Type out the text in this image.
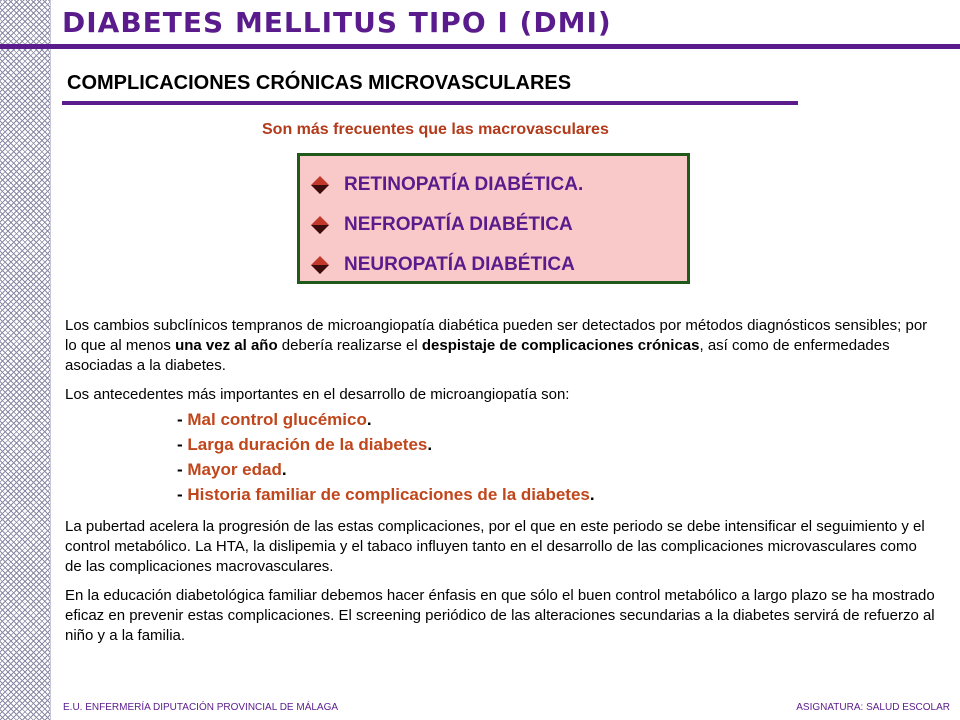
DIABETES MELLITUS TIPO I (DMI)
COMPLICACIONES CRÓNICAS MICROVASCULARES
Son más frecuentes que las macrovasculares
RETINOPATÍA DIABÉTICA.
NEFROPATÍA DIABÉTICA
NEUROPATÍA DIABÉTICA

Los cambios subclínicos tempranos de microangiopatía diabética pueden ser detectados por métodos diagnósticos sensibles; por lo que al menos una vez al año debería realizarse el despistaje de complicaciones crónicas, así como de enfermedades asociadas a la diabetes.

Los antecedentes más importantes en el desarrollo de microangiopatía son:

- Mal control glucémico.
- Larga duración de la diabetes.
- Mayor edad.
- Historia familiar de complicaciones de la diabetes.

La pubertad acelera la progresión de las estas complicaciones, por el que en este periodo se debe intensificar el seguimiento y el control metabólico. La HTA, la dislipemia y el tabaco influyen tanto en el desarrollo de las complicaciones microvasculares como de las complicaciones macrovasculares.

En la educación diabetológica familiar debemos hacer énfasis en que sólo el buen control metabólico a largo plazo se ha mostrado eficaz en prevenir estas complicaciones. El screening periódico de las alteraciones secundarias a la diabetes servirá de refuerzo al niño y a la familia.

E.U. ENFERMERÍA DIPUTACIÓN PROVINCIAL DE MÁLAGA	ASIGNATURA: SALUD ESCOLAR
